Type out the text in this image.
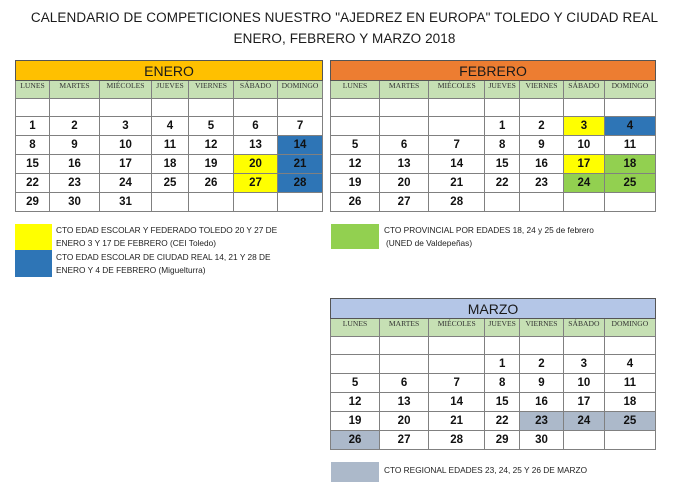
CALENDARIO DE COMPETICIONES NUESTRO "AJEDREZ EN EUROPA" TOLEDO Y CIUDAD REAL
ENERO, FEBRERO Y MARZO 2018
ENERO						
LUNES	MARTES	MIÉCOLES	JUEVES	VIERNES	SÁBADO	DOMINGO

1	2	3	4	5	6	7
8	9	10	11	12	13	14
15	16	17	18	19	20	21
22	23	24	25	26	27	28
29	30	31				
FEBRERO						
LUNES	MARTES	MIÉCOLES	JUEVES	VIERNES	SÁBADO	DOMINGO

			1	2	3	4
5	6	7	8	9	10	11
12	13	14	15	16	17	18
19	20	21	22	23	24	25
26	27	28				
MARZO						
LUNES	MARTES	MIÉCOLES	JUEVES	VIERNES	SÁBADO	DOMINGO

			1	2	3	4
5	6	7	8	9	10	11
12	13	14	15	16	17	18
19	20	21	22	23	24	25
26	27	28	29	30		
CTO EDAD ESCOLAR Y FEDERADO TOLEDO 20 Y 27 DE
ENERO 3 Y 17 DE FEBRERO (CEI Toledo)
CTO EDAD ESCOLAR DE CIUDAD REAL 14, 21 Y 28 DE
ENERO Y 4 DE FEBRERO (Miguelturra)
CTO PROVINCIAL POR EDADES 18, 24 y 25 de febrero
(UNED de Valdepeñas)
CTO REGIONAL EDADES 23, 24, 25 Y 26 DE MARZO
